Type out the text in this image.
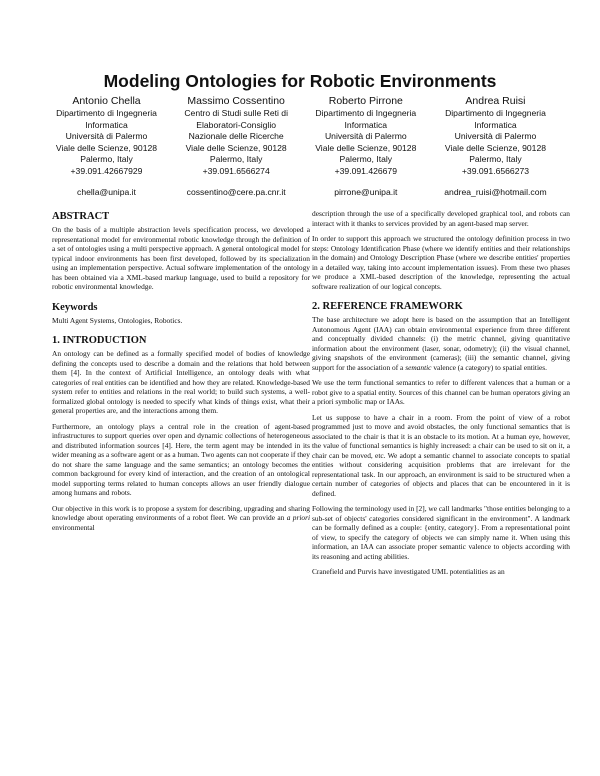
Modeling Ontologies for Robotic Environments
Antonio Chella
Dipartimento di Ingegneria
Informatica
Università di Palermo
Viale delle Scienze, 90128
Palermo, Italy
+39.091.42667929
chella@unipa.it
Massimo Cossentino
Centro di Studi sulle Reti di
Elaboratori-Consiglio
Nazionale delle Ricerche
Viale delle Scienze, 90128
Palermo, Italy
+39.091.6566274
cossentino@cere.pa.cnr.it
Roberto Pirrone
Dipartimento di Ingegneria
Informatica
Università di Palermo
Viale delle Scienze, 90128
Palermo, Italy
+39.091.426679
pirrone@unipa.it
Andrea Ruisi
Dipartimento di Ingegneria
Informatica
Università di Palermo
Viale delle Scienze, 90128
Palermo, Italy
+39.091.6566273
andrea_ruisi@hotmail.com
ABSTRACT

On the basis of a multiple abstraction levels specification process, we developed a representational model for environmental robotic knowledge through the definition of a set of ontologies using a multi perspective approach. A general ontological model for typical indoor environments has been first developed, followed by its specialization using an implementation perspective. Actual software implementation of the ontology has been obtained via a XML-based markup language, used to build a repository for robotic environmental knowledge.

Keywords

Multi Agent Systems, Ontologies, Robotics.

1. INTRODUCTION

An ontology can be defined as a formally specified model of bodies of knowledge defining the concepts used to describe a domain and the relations that hold between them [4]. In the context of Artificial Intelligence, an ontology deals with what categories of real entities can be identified and how they are related. Knowledge-based system refer to entities and relations in the real world; to build such systems, a well-formalized global ontology is needed to specify what kinds of things exist, what their general properties are, and the interactions among them.

Furthermore, an ontology plays a central role in the creation of agent-based infrastructures to support queries over open and dynamic collections of heterogeneous and distributed information sources [4]. Here, the term agent may be intended in its wider meaning as a software agent or as a human. Two agents can not cooperate if they do not share the same language and the same semantics; an ontology becomes the common background for every kind of interaction, and the creation of an ontological model supporting terms related to human concepts allows an user friendly dialogue among humans and robots.

Our objective in this work is to propose a system for describing, upgrading and sharing knowledge about operating environments of a robot fleet. We can provide an a priori environmental

description through the use of a specifically developed graphical tool, and robots can interact with it thanks to services provided by an agent-based map server.

In order to support this approach we structured the ontology definition process in two steps: Ontology Identification Phase (where we identify entities and their relationships in the domain) and Ontology Description Phase (where we describe entities' properties in a detailed way, taking into account implementation issues). From these two phases we produce a XML-based description of the knowledge, representing the actual software realization of our logical concepts.

2. REFERENCE FRAMEWORK

The base architecture we adopt here is based on the assumption that an Intelligent Autonomous Agent (IAA) can obtain environmental experience from three different and conceptually divided channels: (i) the metric channel, giving quantitative information about the environment (laser, sonar, odometry); (ii) the visual channel, giving snapshots of the environment (cameras); (iii) the semantic channel, giving support for the association of a semantic valence (a category) to spatial entities.

We use the term functional semantics to refer to different valences that a human or a robot give to a spatial entity. Sources of this channel can be human operators giving an a priori symbolic map or IAAs.

Let us suppose to have a chair in a room. From the point of view of a robot programmed just to move and avoid obstacles, the only functional semantics that is associated to the chair is that it is an obstacle to its motion. At a human eye, however, the value of functional semantics is highly increased: a chair can be used to sit on it, a chair can be moved, etc. We adopt a semantic channel to associate concepts to spatial entities without considering acquisition problems that are irrelevant for the representational task. In our approach, an environment is said to be structured when a certain number of categories of objects and places that can be encountered in it is defined.

Following the terminology used in [2], we call landmarks "those entities belonging to a sub-set of objects' categories considered significant in the environment". A landmark can be formally defined as a couple: {entity, category}. From a representational point of view, to specify the category of objects we can simply name it. When using this information, an IAA can associate proper semantic valence to objects according with its reasoning and acting abilities.

Cranefield and Purvis have investigated UML potentialities as an
